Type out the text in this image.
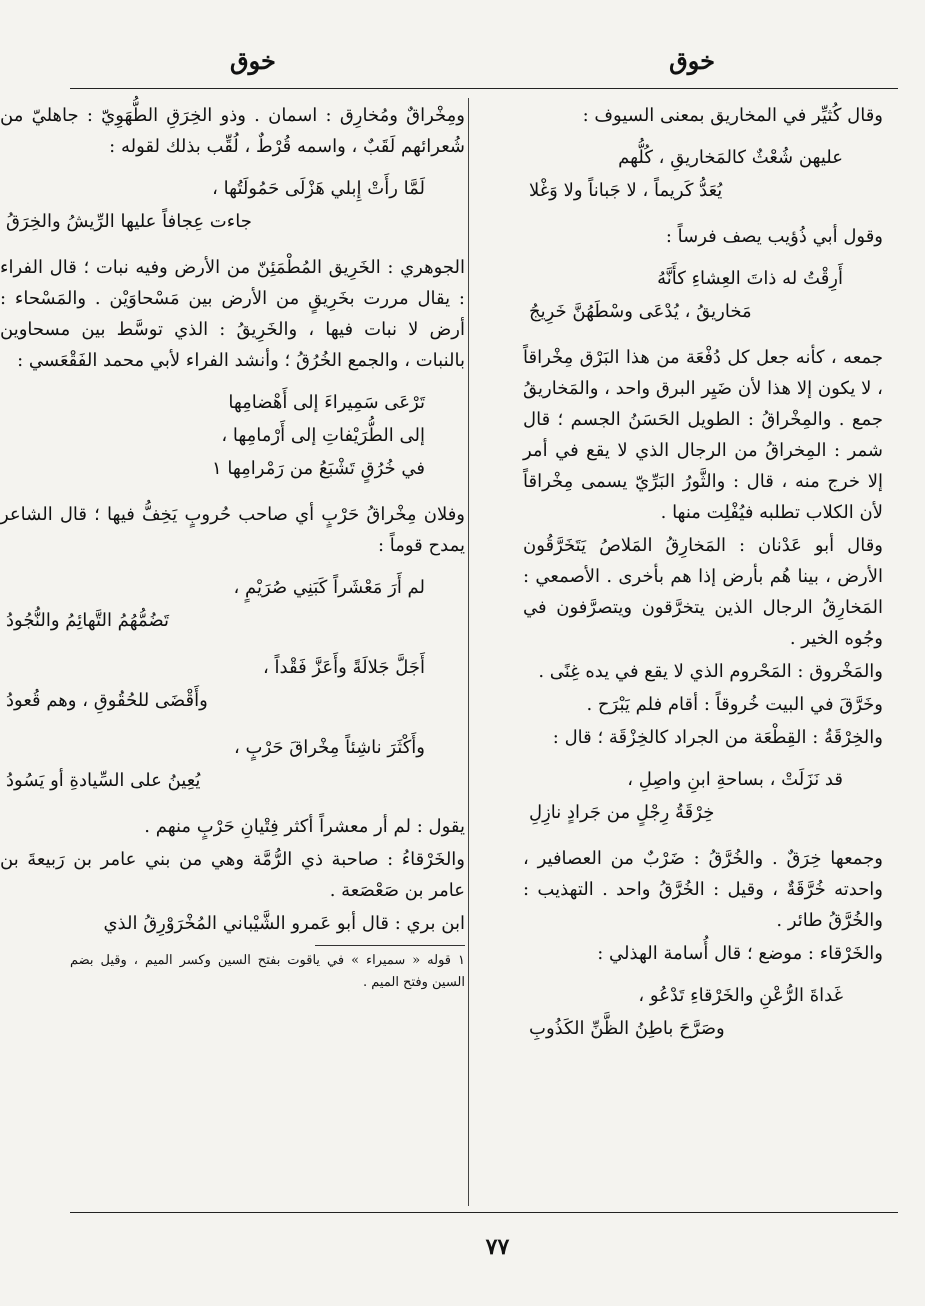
خوق
خوق

وقال كُثيِّر في المخاريق بمعنى السيوف :

عليهن شُعْثٌ كالمَخاريقِ ، كُلُّهم
يُعَدُّ كَريماً ، لا جَباناً ولا وَغْلا

وقول أبي ذُؤيب يصف فرساً :

أَرِقْتُ له ذاتَ العِشاءِ كأَنَّهُ
مَخاريقُ ، يُدْعَى وسْطَهُنَّ خَرِيجُ

جمعه ، كأنه جعل كل دُفْعَة من هذا البَرْق مِخْراقاً ، لا يكون إلا هذا لأن ضَيِر البرق واحد ، والمَخاريقُ جمع . والمِخْراقُ : الطويل الحَسَنُ الجسم ؛ قال شمر : المِخراقُ من الرجال الذي لا يقع في أمر إلا خرج منه ، قال : والثَّورُ البَرِّيّ يسمى مِخْراقاً لأن الكلاب تطلبه فيُفْلِت منها .

وقال أبو عَدْنان : المَخارِقُ المَلاصُ يَتَخَرَّقُون الأرض ، بينا هُم بأرض إذا هم بأخرى . الأصمعي : المَخارِقُ الرجال الذين يتخرَّقون ويتصرَّفون في وجُوه الخير .

والمَخْروق : المَحْروم الذي لا يقع في يده غِنًى .

وخَرَّقَ في البيت خُروقاً : أقام فلم يَبْرَح .

والخِرْقَةُ : القِطْعَة من الجراد كالخِزْقَة ؛ قال :

قد نَزَلَتْ ، بساحةِ ابنِ واصِلِ ،
خِرْقَةُ رِجْلٍ من جَرادٍ نازِلِ

وجمعها خِرَقٌ . والخُرَّقُ : ضَرْبٌ من العصافير ، واحدته خُرَّقَةٌ ، وقيل : الخُرَّقُ واحد . التهذيب : والخُرَّقُ طائر .

والخَرْقاء : موضع ؛ قال أُسامة الهذلي :

غَداةَ الرُّعْنِ والخَرْقاءِ تَدْعُو ،
وصَرَّحَ باطِنُ الظَّنِّ الكَذُوبِ

ومِخْراقٌ ومُخارِق : اسمان . وذو الخِرَقِ الطُّهَوِيّ : جاهليّ من شُعرائهم لَقَبٌ ، واسمه قُرْطٌ ، لُقِّب بذلك لقوله :

لَمَّا رأَتْ إِبلي هَزْلَى حَمُولَتُها ،
جاءت عِجافاً عليها الرِّيشُ والخِرَقُ

الجوهري : الخَرِيق المُطْمَئِنّ من الأرض وفيه نبات ؛ قال الفراء : يقال مررت بخَرِيقٍ من الأرض بين مَسْحاوَيْن . والمَسْحاء : أرض لا نبات فيها ، والخَرِيقُ : الذي توسَّط بين مسحاوين بالنبات ، والجمع الخُرُقُ ؛ وأنشد الفراء لأبي محمد الفَقْعَسي :

تَرْعَى سَمِيراءَ إلى أَهْضامِها
إلى الطُّرَيْفاتِ إلى أَرْمامِها ،
في خُرُقٍ تَشْبَعُ من رَمْرامِها ١

وفلان مِخْراقُ حَرْبٍ أي صاحب حُروبٍ يَخِفُّ فيها ؛ قال الشاعر يمدح قوماً :

لم أَرَ مَعْشَراً كَبَنِي صُرَيْمٍ ،
تَضُمُّهُمُ التَّهائِمُ والنُّجُودُ
أَجَلَّ جَلالَةً وأَعَزَّ فَقْداً ،
وأَقْضَى للحُقُوقِ ، وهم قُعودُ
وأَكْثَرَ ناشِئاً مِخْراقَ حَرْبٍ ،
يُعِينُ على السِّيادةِ أو يَسُودُ

يقول : لم أر معشراً أكثر فِتْيانِ حَرْبٍ منهم .

والخَرْقاءُ : صاحبة ذي الرُّمَّة وهي من بني عامر بن رَبيعةَ بن عامر بن صَعْصَعة .

ابن بري : قال أبو عَمرو الشَّيْباني المُخْرَوْرِقُ الذي

١ قوله « سميراء » في ياقوت بفتح السين وكسر الميم ، وقيل بضم السين وفتح الميم .
٧٧
